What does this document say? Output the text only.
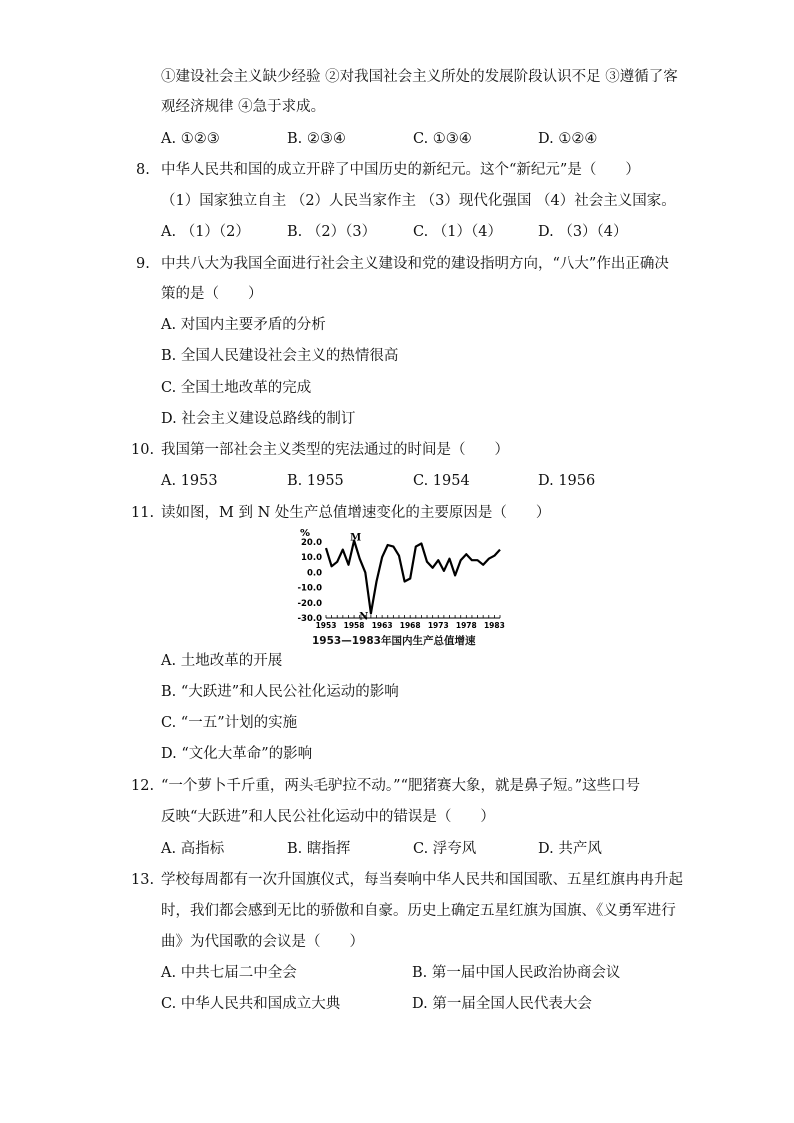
①建设社会主义缺少经验 ②对我国社会主义所处的发展阶段认识不足 ③遵循了客
观经济规律 ④急于求成。
A. ①②③	B. ②③④	C. ①③④	D. ①②④
8. 中华人民共和国的成立开辟了中国历史的新纪元。这个“新纪元”是（　　）
（1）国家独立自主 （2）人民当家作主 （3）现代化强国 （4）社会主义国家。
A. （1）（2）	B. （2）（3）	C. （1）（4） D. （3）（4）
9. 中共八大为我国全面进行社会主义建设和党的建设指明方向，“八大”作出正确决
策的是（　　）
A. 对国内主要矛盾的分析
B. 全国人民建设社会主义的热情很高
C. 全国土地改革的完成
D. 社会主义建设总路线的制订
10. 我国第一部社会主义类型的宪法通过的时间是（　　）
A. 1953	B. 1955	C. 1954	D. 1956
11. 读如图，M 到 N 处生产总值增速变化的主要原因是（　　）
%
20.0
10.0
0.0
-10.0
-20.0
-30.0
1953 1958 1963 1968 1973 1978 1983
M
N
1953—1983年国内生产总值增速
A. 土地改革的开展
B. “大跃进”和人民公社化运动的影响
C. “一五”计划的实施
D. “文化大革命”的影响
12. “一个萝卜千斤重，两头毛驴拉不动。”“肥猪赛大象，就是鼻子短。”这些口号
反映“大跃进”和人民公社化运动中的错误是（　　）
A. 高指标	B. 瞎指挥	C. 浮夸风	D. 共产风
13. 学校每周都有一次升国旗仪式，每当奏响中华人民共和国国歌、五星红旗冉冉升起
时，我们都会感到无比的骄傲和自豪。历史上确定五星红旗为国旗、《义勇军进行
曲》为代国歌的会议是（　　）
A. 中共七届二中全会	B. 第一届中国人民政治协商会议
C. 中华人民共和国成立大典	D. 第一届全国人民代表大会
